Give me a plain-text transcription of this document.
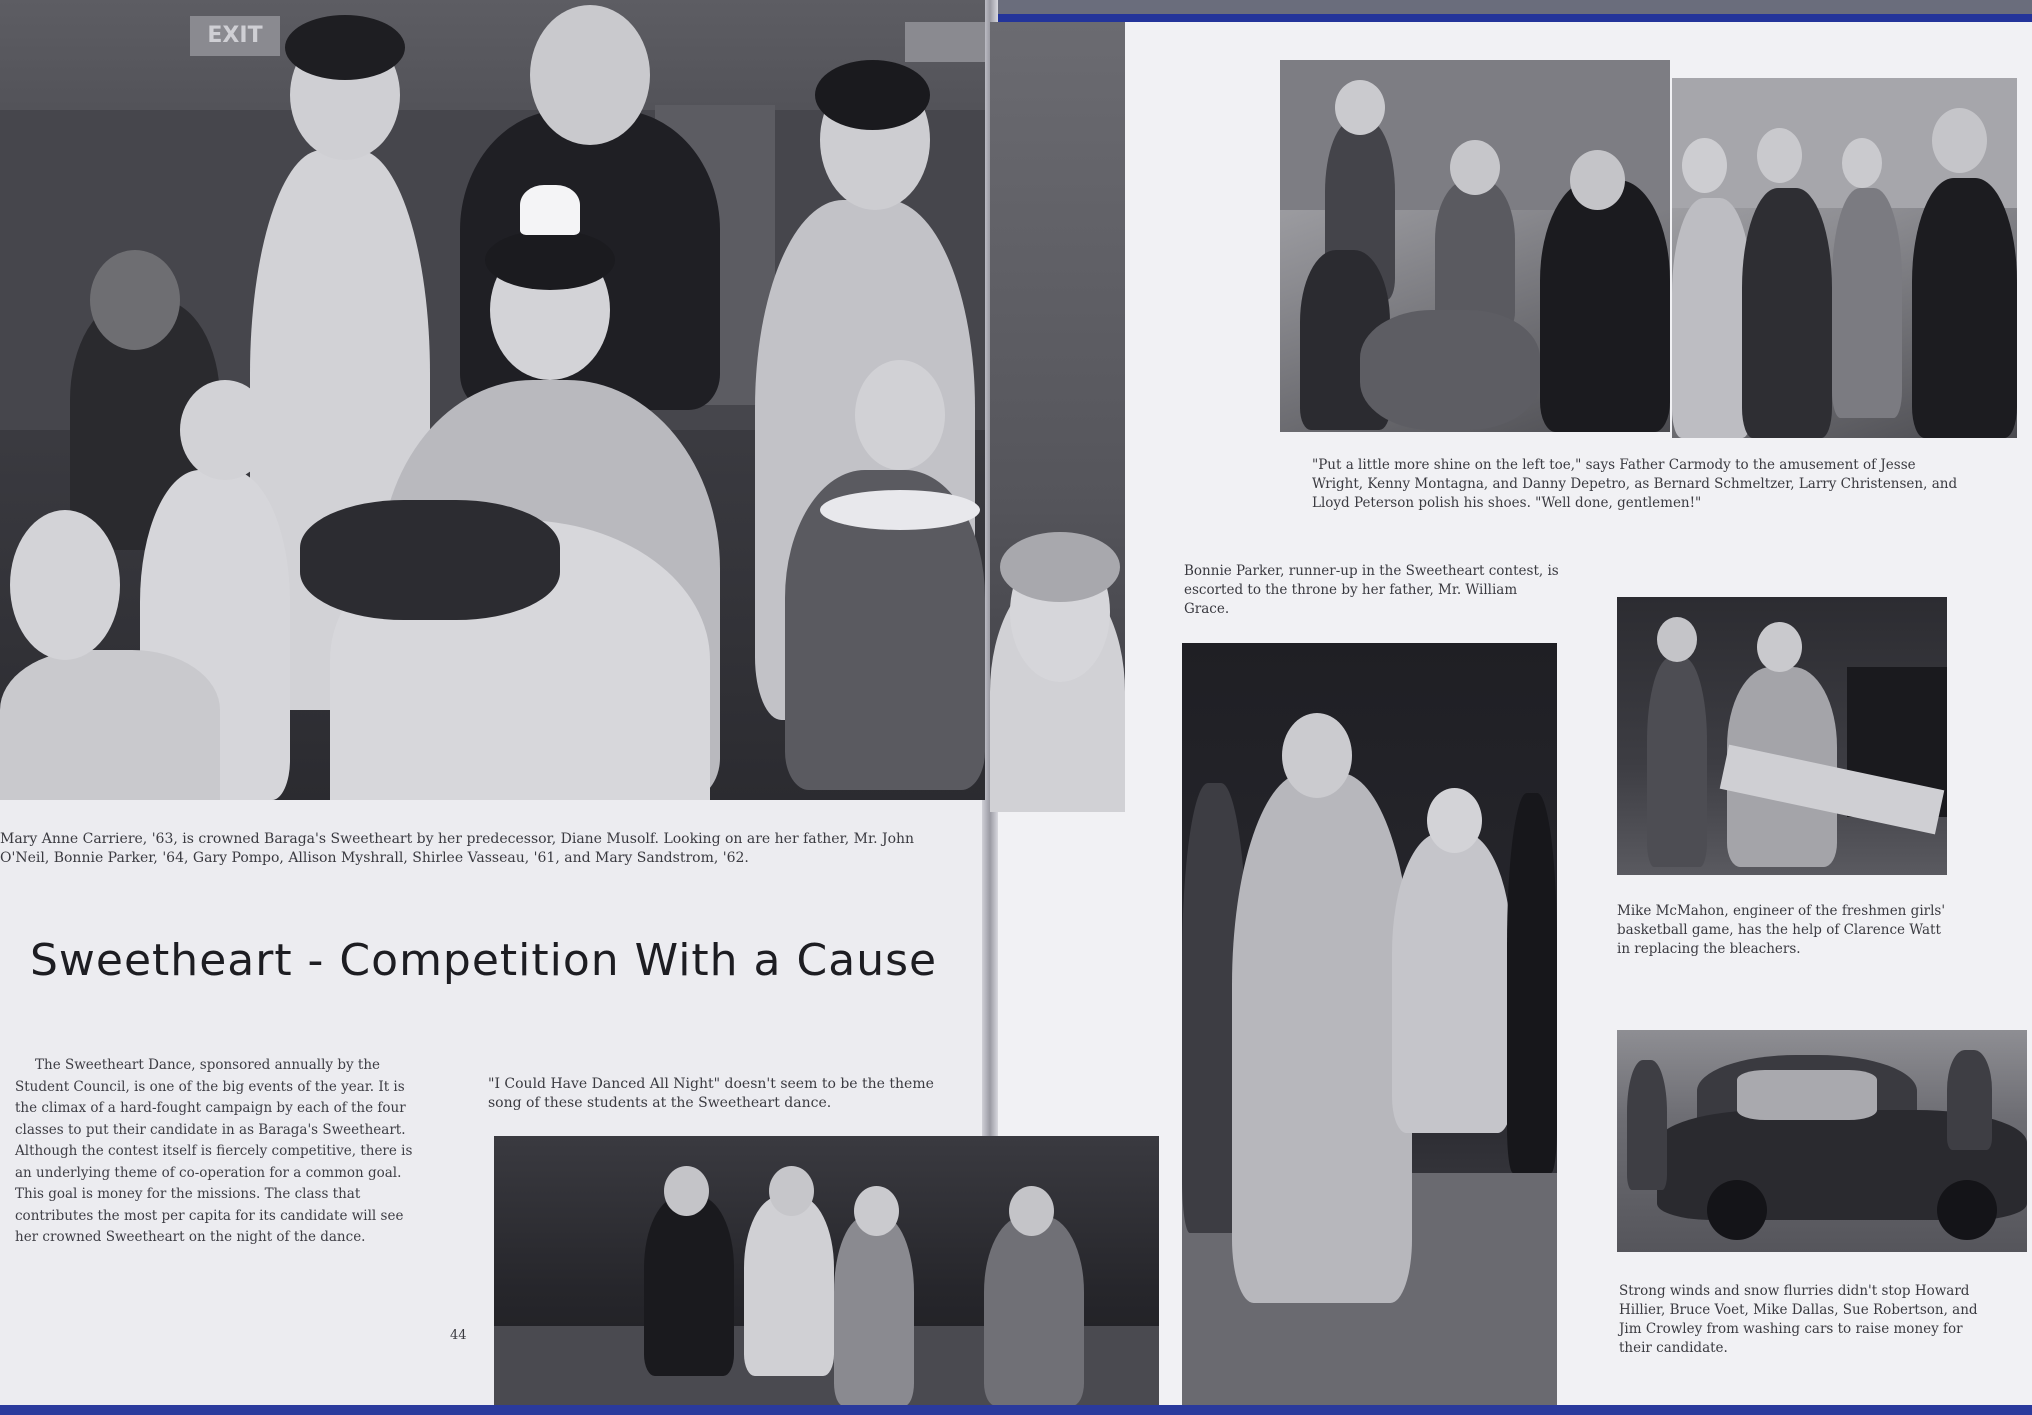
EXIT
Mary Anne Carriere, '63, is crowned Baraga's Sweetheart by her predecessor, Diane Musolf. Looking on are her father, Mr. John O'Neil, Bonnie Parker, '64, Gary Pompo, Allison Myshrall, Shirlee Vasseau, '61, and Mary Sandstrom, '62.
Sweetheart - Competition With a Cause
The Sweetheart Dance, sponsored annually by the Student Council, is one of the big events of the year. It is the climax of a hard-fought campaign by each of the four classes to put their candidate in as Baraga's Sweetheart. Although the contest itself is fiercely competitive, there is an underlying theme of co-operation for a common goal. This goal is money for the missions. The class that contributes the most per capita for its candidate will see her crowned Sweetheart on the night of the dance.
"I Could Have Danced All Night" doesn't seem to be the theme song of these students at the Sweetheart dance.
44
"Put a little more shine on the left toe," says Father Carmody to the amusement of Jesse Wright, Kenny Montagna, and Danny Depetro, as Bernard Schmeltzer, Larry Christensen, and Lloyd Peterson polish his shoes. "Well done, gentlemen!"
Bonnie Parker, runner-up in the Sweetheart contest, is escorted to the throne by her father, Mr. William Grace.
Mike McMahon, engineer of the freshmen girls' basketball game, has the help of Clarence Watt in replacing the bleachers.
Strong winds and snow flurries didn't stop Howard Hillier, Bruce Voet, Mike Dallas, Sue Robertson, and Jim Crowley from washing cars to raise money for their candidate.
